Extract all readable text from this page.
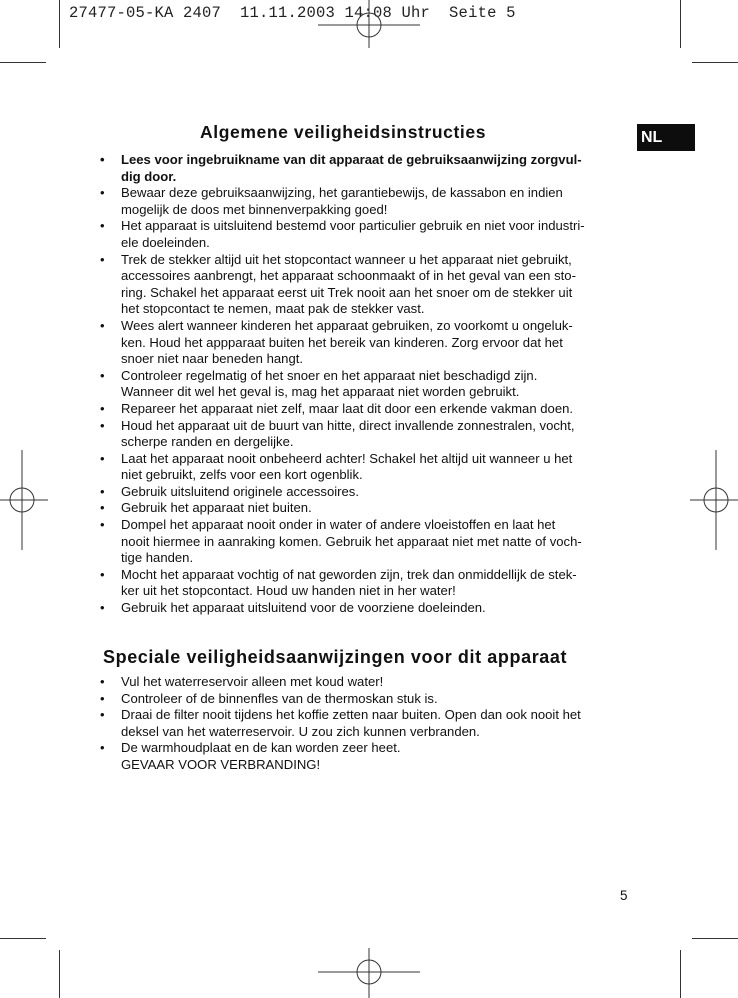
27477-05-KA 2407  11.11.2003 14:08 Uhr  Seite 5
NL
Algemene veiligheidsinstructies
• Lees voor ingebruikname van dit apparaat de gebruiksaanwijzing zorgvul-
dig door.
• Bewaar deze gebruiksaanwijzing, het garantiebewijs, de kassabon en indien
mogelijk de doos met binnenverpakking goed!
• Het apparaat is uitsluitend bestemd voor particulier gebruik en niet voor industri-
ele doeleinden.
• Trek de stekker altijd uit het stopcontact wanneer u het apparaat niet gebruikt,
accessoires aanbrengt, het apparaat schoonmaakt of in het geval van een sto-
ring. Schakel het apparaat eerst uit Trek nooit aan het snoer om de stekker uit
het stopcontact te nemen, maat pak de stekker vast.
• Wees alert wanneer kinderen het apparaat gebruiken, zo voorkomt u ongeluk-
ken. Houd het appparaat buiten het bereik van kinderen. Zorg ervoor dat het
snoer niet naar beneden hangt.
• Controleer regelmatig of het snoer en het apparaat niet beschadigd zijn.
Wanneer dit wel het geval is, mag het apparaat niet worden gebruikt.
• Repareer het apparaat niet zelf, maar laat dit door een erkende vakman doen.
• Houd het apparaat uit de buurt van hitte, direct invallende zonnestralen, vocht,
scherpe randen en dergelijke.
• Laat het apparaat nooit onbeheerd achter! Schakel het altijd uit wanneer u het
niet gebruikt, zelfs voor een kort ogenblik.
• Gebruik uitsluitend originele accessoires.
• Gebruik het apparaat niet buiten.
• Dompel het apparaat nooit onder in water of andere vloeistoffen en laat het
nooit hiermee in aanraking komen. Gebruik het apparaat niet met natte of voch-
tige handen.
• Mocht het apparaat vochtig of nat geworden zijn, trek dan onmiddellijk de stek-
ker uit het stopcontact. Houd uw handen niet in her water!
• Gebruik het apparaat uitsluitend voor de voorziene doeleinden.
Speciale veiligheidsaanwijzingen voor dit apparaat
• Vul het waterreservoir alleen met koud water!
• Controleer of de binnenfles van de thermoskan stuk is.
• Draai de filter nooit tijdens het koffie zetten naar buiten. Open dan ook nooit het
deksel van het waterreservoir. U zou zich kunnen verbranden.
• De warmhoudplaat en de kan worden zeer heet.
GEVAAR VOOR VERBRANDING!
5
